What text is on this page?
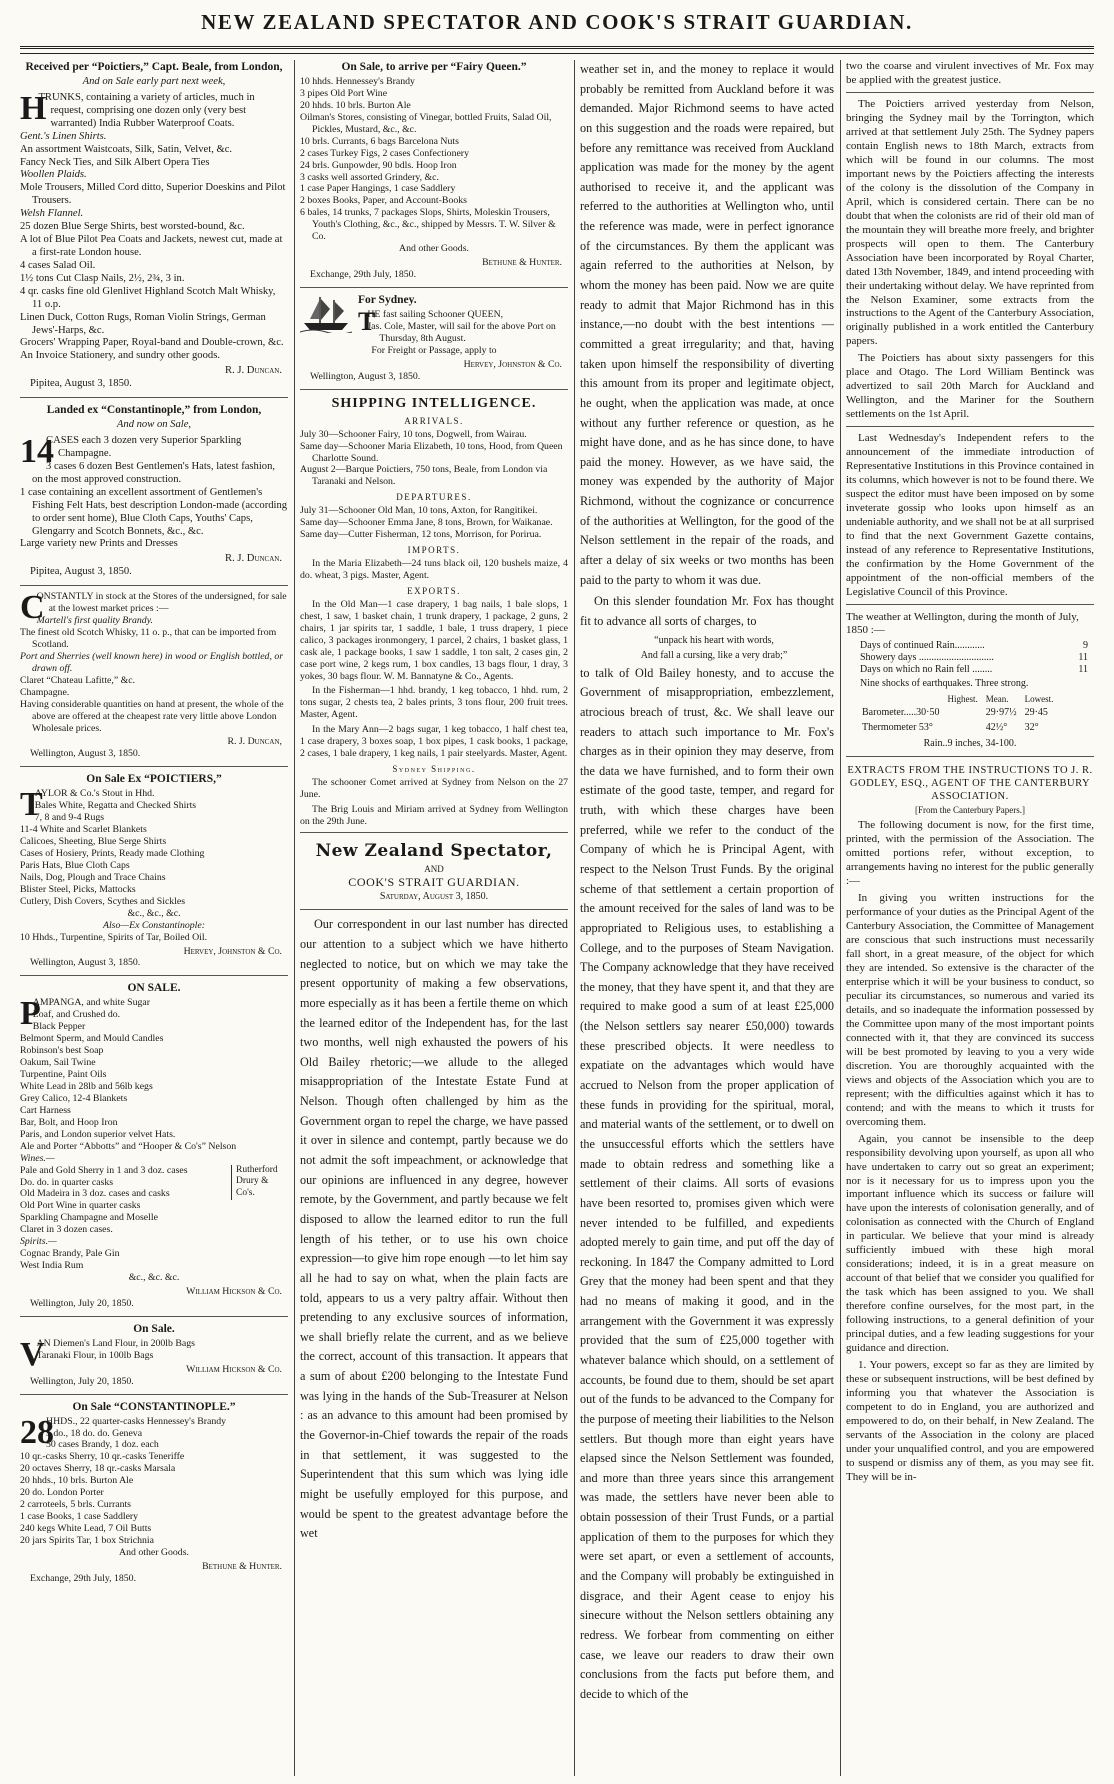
NEW ZEALAND SPECTATOR AND COOK'S STRAIT GUARDIAN.

Received per “Poictiers,” Capt. Beale, from London,

And on Sale early part next week,

H

TRUNKS, containing a variety of articles, much in request, comprising one dozen only (very best warranted) India Rubber Waterproof Coats.

Gent.'s Linen Shirts.

An assortment Waistcoats, Silk, Satin, Velvet, &c.

Fancy Neck Ties, and Silk Albert Opera Ties

Woollen Plaids.

Mole Trousers, Milled Cord ditto, Superior Doeskins and Pilot Trousers.

Welsh Flannel.

25 dozen Blue Serge Shirts, best worsted-bound, &c.

A lot of Blue Pilot Pea Coats and Jackets, newest cut, made at a first-rate London house.

4 cases Salad Oil.

1½ tons Cut Clasp Nails, 2½, 2¾, 3 in.

4 qr. casks fine old Glenlivet Highland Scotch Malt Whisky, 11 o.p.

Linen Duck, Cotton Rugs, Roman Violin Strings, German Jews'-Harps, &c.

Grocers' Wrapping Paper, Royal-band and Double-crown, &c.

An Invoice Stationery, and sundry other goods.

R. J. Duncan.

Pipitea, August 3, 1850.

Landed ex “Constantinople,” from London,

And now on Sale,

14

CASES each 3 dozen very Superior Sparkling Champagne.

3 cases 6 dozen Best Gentlemen's Hats, latest fashion, on the most approved construction.

1 case containing an excellent assortment of Gentlemen's Fishing Felt Hats, best description London-made (according to order sent home), Blue Cloth Caps, Youths' Caps, Glengarry and Scotch Bonnets, &c., &c.

Large variety new Prints and Dresses

R. J. Duncan.

Pipitea, August 3, 1850.

C

ONSTANTLY in stock at the Stores of the undersigned, for sale at the lowest market prices :—

Martell's first quality Brandy.

The finest old Scotch Whisky, 11 o. p., that can be imported from Scotland.

Port and Sherries (well known here) in wood or English bottled, or drawn off.

Claret “Chateau Lafitte,” &c.

Champagne.

Having considerable quantities on hand at present, the whole of the above are offered at the cheapest rate very little above London Wholesale prices.

R. J. Duncan,

Wellington, August 3, 1850.

On Sale Ex “POICTIERS,”

T

AYLOR & Co.'s Stout in Hhd.

Bales White, Regatta and Checked Shirts

7, 8 and 9-4 Rugs

11-4 White and Scarlet Blankets

Calicoes, Sheeting, Blue Serge Shirts

Cases of Hosiery, Prints, Ready made Clothing

Paris Hats, Blue Cloth Caps

Nails, Dog, Plough and Trace Chains

Blister Steel, Picks, Mattocks

Cutlery, Dish Covers, Scythes and Sickles

&c., &c., &c.

Also—Ex Constantinople:

10 Hhds., Turpentine, Spirits of Tar, Boiled Oil.

Hervey, Johnston & Co.

Wellington, August 3, 1850.

ON SALE.

P

AMPANGA, and white Sugar

Loaf, and Crushed do.

Black Pepper

Belmont Sperm, and Mould Candles

Robinson's best Soap

Oakum, Sail Twine

Turpentine, Paint Oils

White Lead in 28lb and 56lb kegs

Grey Calico, 12-4 Blankets

Cart Harness

Bar, Bolt, and Hoop Iron

Paris, and London superior velvet Hats.

Ale and Porter “Abbotts” and “Hooper & Co's” Nelson

Wines.—

Pale and Gold Sherry in 1 and 3 doz. cases

Do. do. in quarter casks

Old Madeira in 3 doz. cases and casks

Rutherford Drury & Co's.

Old Port Wine in quarter casks

Sparkling Champagne and Moselle

Claret in 3 dozen cases.

Spirits.—

Cognac Brandy, Pale Gin

West India Rum

&c., &c. &c.

William Hickson & Co.

Wellington, July 20, 1850.

On Sale.

V

AN Diemen's Land Flour, in 200lb Bags

Taranaki Flour, in 100lb Bags

William Hickson & Co.

Wellington, July 20, 1850.

On Sale “CONSTANTINOPLE.”

28

HHDS., 22 quarter-casks Hennessey's Brandy

5 do., 18 do. do. Geneva

50 cases Brandy, 1 doz. each

10 qr.-casks Sherry, 10 qr.-casks Teneriffe

20 octaves Sherry, 18 qr.-casks Marsala

20 hhds., 10 brls. Burton Ale

20 do. London Porter

2 carroteels, 5 brls. Currants

1 case Books, 1 case Saddlery

240 kegs White Lead, 7 Oil Butts

20 jars Spirits Tar, 1 box Strichnia

And other Goods.

Bethune & Hunter.

Exchange, 29th July, 1850.

On Sale, to arrive per “Fairy Queen.”

10 hhds. Hennessey's Brandy

3 pipes Old Port Wine

20 hhds. 10 brls. Burton Ale

Oilman's Stores, consisting of Vinegar, bottled Fruits, Salad Oil, Pickles, Mustard, &c., &c.

10 brls. Currants, 6 bags Barcelona Nuts

2 cases Turkey Figs, 2 cases Confectionery

24 brls. Gunpowder, 90 bdls. Hoop Iron

3 casks well assorted Grindery, &c.

1 case Paper Hangings, 1 case Saddlery

2 boxes Books, Paper, and Account-Books

6 bales, 14 trunks, 7 packages Slops, Shirts, Moleskin Trousers, Youth's Clothing, &c., &c., shipped by Messrs. T. W. Silver & Co.

And other Goods.

Bethune & Hunter.

Exchange, 29th July, 1850.

For Sydney.

T

HE fast sailing Schooner QUEEN,

Jas. Cole, Master, will sail for the above Port on Thursday, 8th August.

For Freight or Passage, apply to

Hervey, Johnston & Co.

Wellington, August 3, 1850.

SHIPPING INTELLIGENCE.

ARRIVALS.

July 30—Schooner Fairy, 10 tons, Dogwell, from Wairau.

Same day—Schooner Maria Elizabeth, 10 tons, Hood, from Queen Charlotte Sound.

August 2—Barque Poictiers, 750 tons, Beale, from London via Taranaki and Nelson.

DEPARTURES.

July 31—Schooner Old Man, 10 tons, Axton, for Rangitikei.

Same day—Schooner Emma Jane, 8 tons, Brown, for Waikanae.

Same day—Cutter Fisherman, 12 tons, Morrison, for Porirua.

IMPORTS.

In the Maria Elizabeth—24 tuns black oil, 120 bushels maize, 4 do. wheat, 3 pigs. Master, Agent.

EXPORTS.

In the Old Man—1 case drapery, 1 bag nails, 1 bale slops, 1 chest, 1 saw, 1 basket chain, 1 trunk drapery, 1 package, 2 guns, 2 chairs, 1 jar spirits tar, 1 saddle, 1 bale, 1 truss drapery, 1 piece calico, 3 packages ironmongery, 1 parcel, 2 chairs, 1 basket glass, 1 cask ale, 1 package books, 1 saw 1 saddle, 1 ton salt, 2 cases gin, 2 case port wine, 2 kegs rum, 1 box candles, 13 bags flour, 1 dray, 3 yokes, 30 bags flour. W. M. Bannatyne & Co., Agents.

In the Fisherman—1 hhd. brandy, 1 keg tobacco, 1 hhd. rum, 2 tons sugar, 2 chests tea, 2 bales prints, 3 tons flour, 200 fruit trees. Master, Agent.

In the Mary Ann—2 bags sugar, 1 keg tobacco, 1 half chest tea, 1 case drapery, 3 boxes soap, 1 box pipes, 1 cask books, 1 package, 2 cases, 1 bale drapery, 1 keg nails, 1 pair steelyards. Master, Agent.

Sydney Shipping.

The schooner Comet arrived at Sydney from Nelson on the 27 June.

The Brig Louis and Miriam arrived at Sydney from Wellington on the 29th June.

New Zealand Spectator,

AND

COOK'S STRAIT GUARDIAN.

Saturday, August 3, 1850.

Our correspondent in our last number has directed our attention to a subject which we have hitherto neglected to notice, but on which we may take the present opportunity of making a few observations, more especially as it has been a fertile theme on which the learned editor of the Independent has, for the last two months, well nigh exhausted the powers of his Old Bailey rhetoric;—we allude to the alleged misappropriation of the Intestate Estate Fund at Nelson. Though often challenged by him as the Government organ to repel the charge, we have passed it over in silence and contempt, partly because we do not admit the soft impeachment, or acknowledge that our opinions are influenced in any degree, however remote, by the Government, and partly because we felt disposed to allow the learned editor to run the full length of his tether, or to use his own choice expression—to give him rope enough —to let him say all he had to say on what, when the plain facts are told, appears to us a very paltry affair. Without then pretending to any exclusive sources of information, we shall briefly relate the current, and as we believe the correct, account of this transaction. It appears that a sum of about £200 belonging to the Intestate Fund was lying in the hands of the Sub-Treasurer at Nelson : as an advance to this amount had been promised by the Governor-in-Chief towards the repair of the roads in that settlement, it was suggested to the Superintendent that this sum which was lying idle might be usefully employed for this purpose, and would be spent to the greatest advantage before the wet

weather set in, and the money to replace it would probably be remitted from Auckland before it was demanded. Major Richmond seems to have acted on this suggestion and the roads were repaired, but before any remittance was received from Auckland application was made for the money by the agent authorised to receive it, and the applicant was referred to the authorities at Wellington who, until the reference was made, were in perfect ignorance of the circumstances. By them the applicant was again referred to the authorities at Nelson, by whom the money has been paid. Now we are quite ready to admit that Major Richmond has in this instance,—no doubt with the best intentions — committed a great irregularity; and that, having taken upon himself the responsibility of diverting this amount from its proper and legitimate object, he ought, when the application was made, at once without any further reference or question, as he might have done, and as he has since done, to have paid the money. However, as we have said, the money was expended by the authority of Major Richmond, without the cognizance or concurrence of the authorities at Wellington, for the good of the Nelson settlement in the repair of the roads, and after a delay of six weeks or two months has been paid to the party to whom it was due.

On this slender foundation Mr. Fox has thought fit to advance all sorts of charges, to

“unpack his heart with words,

And fall a cursing, like a very drab;”

to talk of Old Bailey honesty, and to accuse the Government of misappropriation, embezzlement, atrocious breach of trust, &c. We shall leave our readers to attach such importance to Mr. Fox's charges as in their opinion they may deserve, from the data we have furnished, and to form their own estimate of the good taste, temper, and regard for truth, with which these charges have been preferred, while we refer to the conduct of the Company of which he is Principal Agent, with respect to the Nelson Trust Funds. By the original scheme of that settlement a certain proportion of the amount received for the sales of land was to be appropriated to Religious uses, to establishing a College, and to the purposes of Steam Navigation. The Company acknowledge that they have received the money, that they have spent it, and that they are required to make good a sum of at least £25,000 (the Nelson settlers say nearer £50,000) towards these prescribed objects. It were needless to expatiate on the advantages which would have accrued to Nelson from the proper application of these funds in providing for the spiritual, moral, and material wants of the settlement, or to dwell on the unsuccessful efforts which the settlers have made to obtain redress and something like a settlement of their claims. All sorts of evasions have been resorted to, promises given which were never intended to be fulfilled, and expedients adopted merely to gain time, and put off the day of reckoning. In 1847 the Company admitted to Lord Grey that the money had been spent and that they had no means of making it good, and in the arrangement with the Government it was expressly provided that the sum of £25,000 together with whatever balance which should, on a settlement of accounts, be found due to them, should be set apart out of the funds to be advanced to the Company for the purpose of meeting their liabilities to the Nelson settlers. But though more than eight years have elapsed since the Nelson Settlement was founded, and more than three years since this arrangement was made, the settlers have never been able to obtain possession of their Trust Funds, or a partial application of them to the purposes for which they were set apart, or even a settlement of accounts, and the Company will probably be extinguished in disgrace, and their Agent cease to enjoy his sinecure without the Nelson settlers obtaining any redress. We forbear from commenting on either case, we leave our readers to draw their own conclusions from the facts put before them, and decide to which of the

two the coarse and virulent invectives of Mr. Fox may be applied with the greatest justice.

The Poictiers arrived yesterday from Nelson, bringing the Sydney mail by the Torrington, which arrived at that settlement July 25th. The Sydney papers contain English news to 18th March, extracts from which will be found in our columns. The most important news by the Poictiers affecting the interests of the colony is the dissolution of the Company in April, which is considered certain. There can be no doubt that when the colonists are rid of their old man of the mountain they will breathe more freely, and brighter prospects will open to them. The Canterbury Association have been incorporated by Royal Charter, dated 13th November, 1849, and intend proceeding with their undertaking without delay. We have reprinted from the Nelson Examiner, some extracts from the instructions to the Agent of the Canterbury Association, originally published in a work entitled the Canterbury papers.

The Poictiers has about sixty passengers for this place and Otago. The Lord William Bentinck was advertized to sail 20th March for Auckland and Wellington, and the Mariner for the Southern settlements on the 1st April.

Last Wednesday's Independent refers to the announcement of the immediate introduction of Representative Institutions in this Province contained in its columns, which however is not to be found there. We suspect the editor must have been imposed on by some inveterate gossip who looks upon himself as an undeniable authority, and we shall not be at all surprised to find that the next Government Gazette contains, instead of any reference to Representative Institutions, the confirmation by the Home Government of the appointment of the non-official members of the Legislative Council of this Province.

The weather at Wellington, during the month of July, 1850 :—

Days of continued Rain............	9
Showery days ..............................	11
Days on which no Rain fell ........	11

Nine shocks of earthquakes. Three strong.

	Highest.	Mean.	Lowest.
Barometer.....30·50		29·97½	29·45
Thermometer 53°		42½°	32°

Rain..9 inches, 34-100.

EXTRACTS FROM THE INSTRUCTIONS TO J. R. GODLEY, ESQ., AGENT OF THE CANTERBURY ASSOCIATION.

[From the Canterbury Papers.]

The following document is now, for the first time, printed, with the permission of the Association. The omitted portions refer, without exception, to arrangements having no interest for the public generally :—

In giving you written instructions for the performance of your duties as the Principal Agent of the Canterbury Association, the Committee of Management are conscious that such instructions must necessarily fall short, in a great measure, of the object for which they are intended. So extensive is the character of the enterprise which it will be your business to conduct, so peculiar its circumstances, so numerous and varied its details, and so inadequate the information possessed by the Committee upon many of the most important points connected with it, that they are convinced its success will be best promoted by leaving to you a very wide discretion. You are thoroughly acquainted with the views and objects of the Association which you are to represent; with the difficulties against which it has to contend; and with the means to which it trusts for overcoming them.

Again, you cannot be insensible to the deep responsibility devolving upon yourself, as upon all who have undertaken to carry out so great an experiment; nor is it necessary for us to impress upon you the important influence which its success or failure will have upon the interests of colonisation generally, and of colonisation as connected with the Church of England in particular. We believe that your mind is already sufficiently imbued with these high moral considerations; indeed, it is in a great measure on account of that belief that we consider you qualified for the task which has been assigned to you. We shall therefore confine ourselves, for the most part, in the following instructions, to a general definition of your principal duties, and a few leading suggestions for your guidance and direction.

1. Your powers, except so far as they are limited by these or subsequent instructions, will be best defined by informing you that whatever the Association is competent to do in England, you are authorized and empowered to do, on their behalf, in New Zealand. The servants of the Association in the colony are placed under your unqualified control, and you are empowered to suspend or dismiss any of them, as you may see fit. They will be in-
